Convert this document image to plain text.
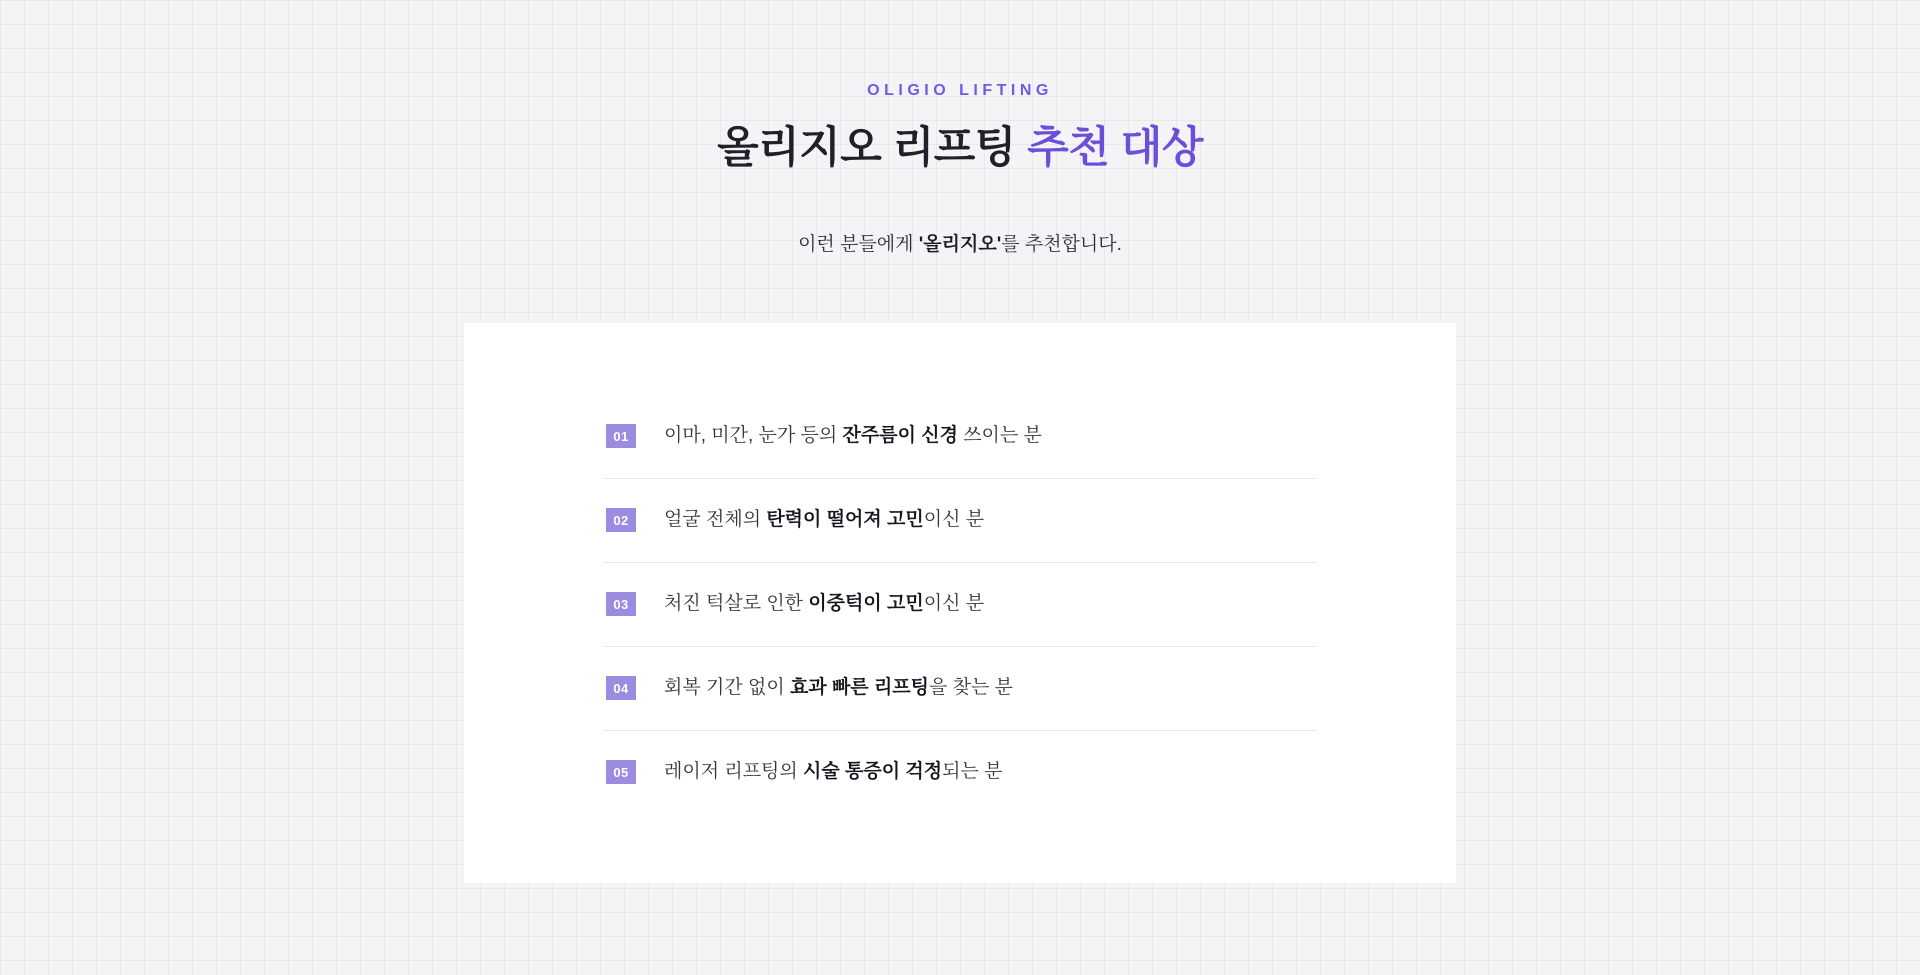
OLIGIO LIFTING
올리지오 리프팅 추천 대상
이런 분들에게 '올리지오'를 추천합니다.
01	이마, 미간, 눈가 등의 잔주름이 신경 쓰이는 분
02	얼굴 전체의 탄력이 떨어져 고민이신 분
03	처진 턱살로 인한 이중턱이 고민이신 분
04	회복 기간 없이 효과 빠른 리프팅을 찾는 분
05	레이저 리프팅의 시술 통증이 걱정되는 분
